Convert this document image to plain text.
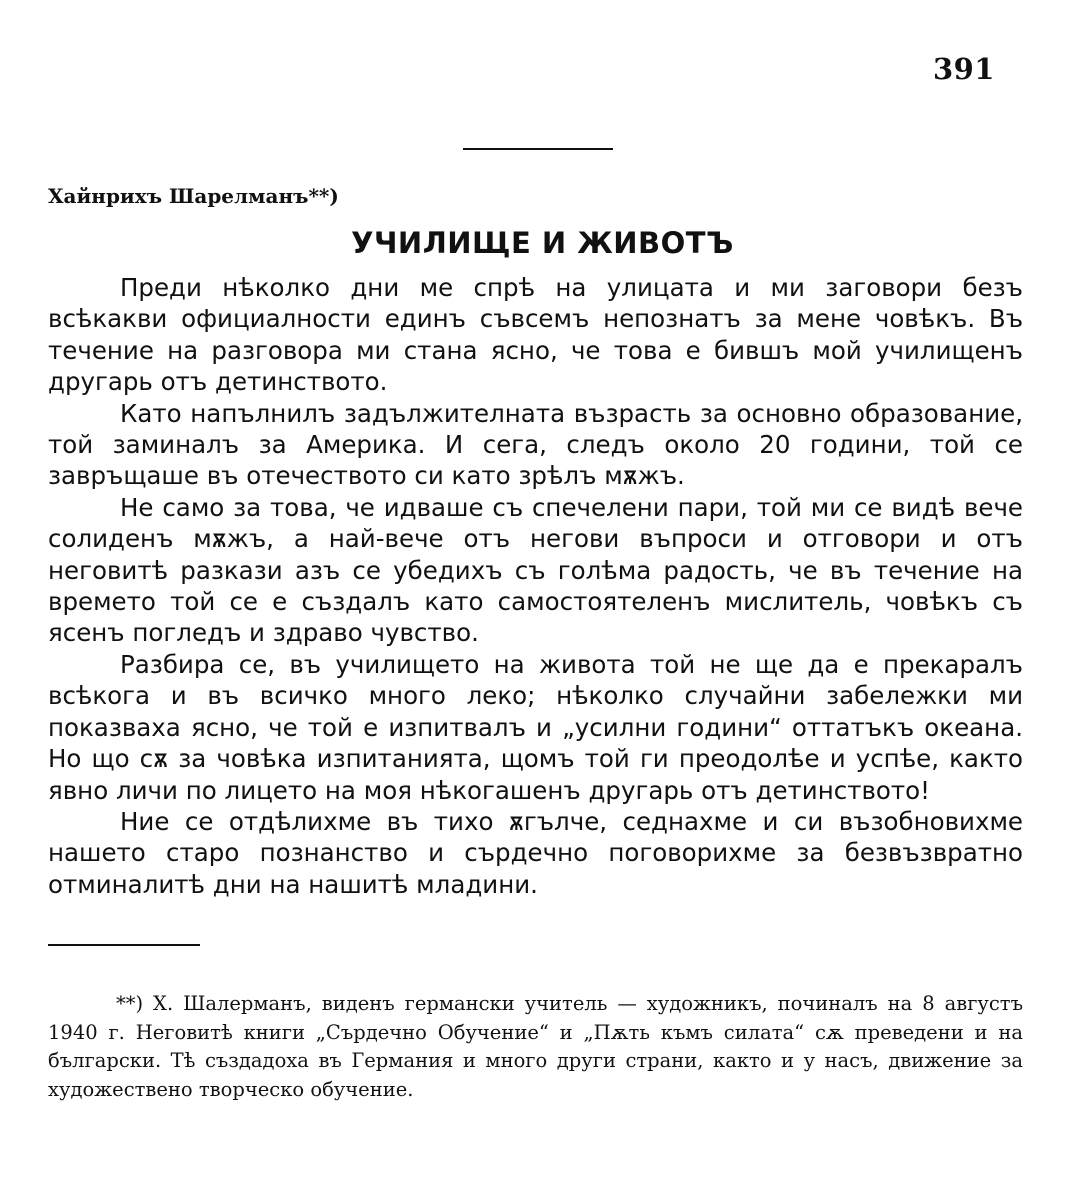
391
Хайнрихъ Шарелманъ**)
УЧИЛИЩЕ И ЖИВОТЪ

Преди нѣколко дни ме спрѣ на улицата и ми заговори безъ всѣкакви официалности единъ съвсемъ непознатъ за мене човѣкъ. Въ течение на разговора ми стана ясно, че това е бившъ мой училищенъ другарь отъ детинството.

Като напълнилъ задължителната възрасть за основно образование, той заминалъ за Америка. И сега, следъ около 20 години, той се завръщаше въ отечеството си като зрѣлъ мѫжъ.

Не само за това, че идваше съ спечелени пари, той ми се видѣ вече солиденъ мѫжъ, а най-вече отъ негови въпроси и отговори и отъ неговитѣ разкази азъ се убедихъ съ голѣма радость, че въ течение на времето той се е създалъ като самостоятеленъ мислитель, човѣкъ съ ясенъ погледъ и здраво чувство.

Разбира се, въ училището на живота той не ще да е прекаралъ всѣкога и въ всичко много леко; нѣколко случайни забележки ми показваха ясно, че той е изпитвалъ и „усилни години“ оттатъкъ океана. Но що сѫ за човѣка изпитанията, щомъ той ги преодолѣе и успѣе, както явно личи по лицето на моя нѣкогашенъ другарь отъ детинството!

Ние се отдѣлихме въ тихо ѫгълче, седнахме и си възобновихме нашето старо познанство и сърдечно поговорихме за безвъзвратно отминалитѣ дни на нашитѣ младини.

**) Х. Шалерманъ, виденъ германски учитель — художникъ, починалъ на 8 августъ 1940 г. Неговитѣ книги „Сърдечно Обучение“ и „Пѫть къмъ силата“ сѫ преведени и на български. Тѣ създадоха въ Германия и много други страни, както и у насъ, движение за художествено творческо обучение.
